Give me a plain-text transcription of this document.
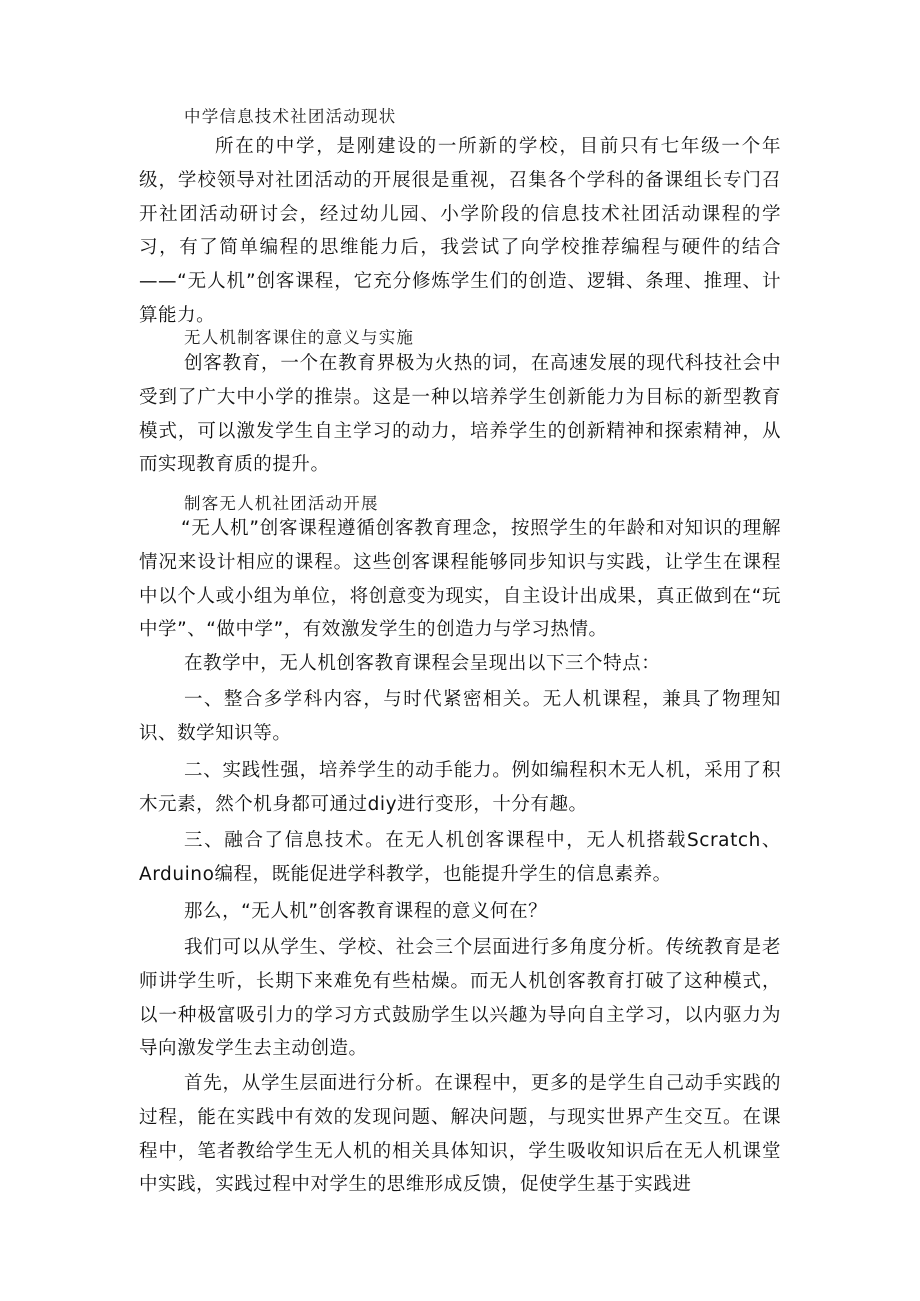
中学信息技术社团活动现状

所在的中学，是刚建设的一所新的学校，目前只有七年级一个年级，学校领导对社团活动的开展很是重视，召集各个学科的备课组长专门召开社团活动研讨会，经过幼儿园、小学阶段的信息技术社团活动课程的学习，有了简单编程的思维能力后，我尝试了向学校推荐编程与硬件的结合——“无人机”创客课程，它充分修炼学生们的创造、逻辑、条理、推理、计算能力。

无人机制客课住的意义与实施

创客教育，一个在教育界极为火热的词，在高速发展的现代科技社会中受到了广大中小学的推崇。这是一种以培养学生创新能力为目标的新型教育模式，可以激发学生自主学习的动力，培养学生的创新精神和探索精神，从而实现教育质的提升。

制客无人机社团活动开展

“无人机”创客课程遵循创客教育理念，按照学生的年龄和对知识的理解情况来设计相应的课程。这些创客课程能够同步知识与实践，让学生在课程中以个人或小组为单位，将创意变为现实，自主设计出成果，真正做到在“玩中学”、“做中学”，有效激发学生的创造力与学习热情。

在教学中，无人机创客教育课程会呈现出以下三个特点：

一、整合多学科内容，与时代紧密相关。无人机课程，兼具了物理知识、数学知识等。

二、实践性强，培养学生的动手能力。例如编程积木无人机，采用了积木元素，然个机身都可通过diy进行变形，十分有趣。

三、融合了信息技术。在无人机创客课程中，无人机搭载Scratch、Arduino编程，既能促进学科教学，也能提升学生的信息素养。

那么，“无人机”创客教育课程的意义何在？

我们可以从学生、学校、社会三个层面进行多角度分析。传统教育是老师讲学生听，长期下来难免有些枯燥。而无人机创客教育打破了这种模式，以一种极富吸引力的学习方式鼓励学生以兴趣为导向自主学习，以内驱力为导向激发学生去主动创造。

首先，从学生层面进行分析。在课程中，更多的是学生自己动手实践的过程，能在实践中有效的发现问题、解决问题，与现实世界产生交互。在课程中，笔者教给学生无人机的相关具体知识，学生吸收知识后在无人机课堂中实践，实践过程中对学生的思维形成反馈，促使学生基于实践进
